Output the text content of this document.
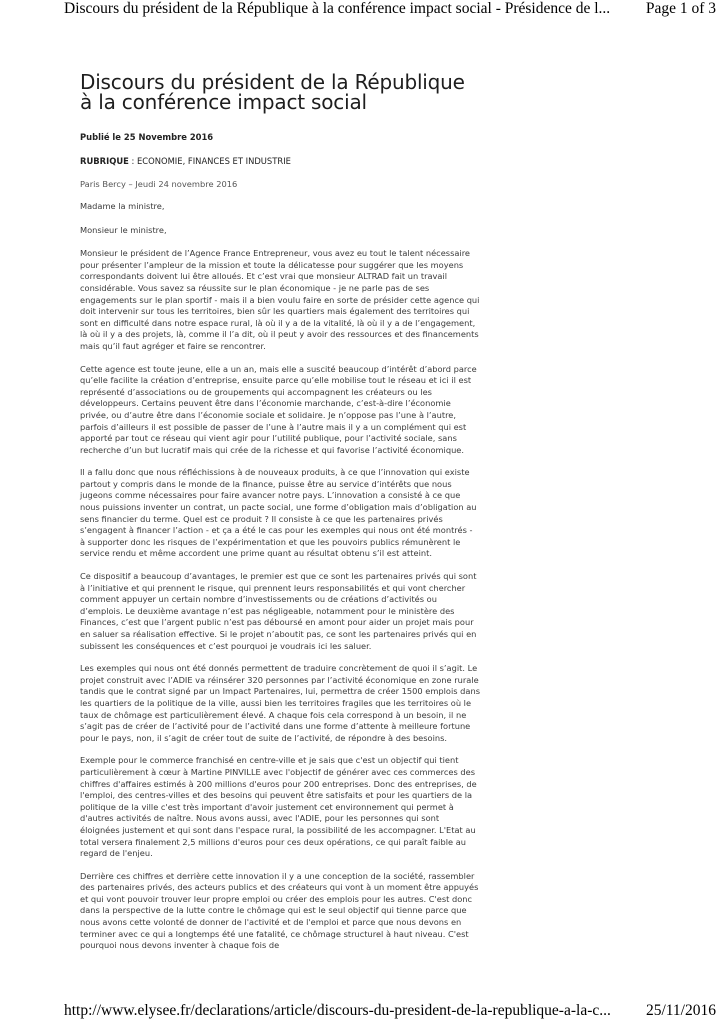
Discours du président de la République à la conférence impact social - Présidence de l... Page 1 of 3
Discours du président de la République à la conférence impact social
Publié le 25 Novembre 2016
RUBRIQUE : ECONOMIE, FINANCES ET INDUSTRIE
Paris Bercy – Jeudi 24 novembre 2016

Madame la ministre,

Monsieur le ministre,

Monsieur le président de l’Agence France Entrepreneur, vous avez eu tout le talent nécessaire pour présenter l’ampleur de la mission et toute la délicatesse pour suggérer que les moyens correspondants doivent lui être alloués. Et c’est vrai que monsieur ALTRAD fait un travail considérable. Vous savez sa réussite sur le plan économique - je ne parle pas de ses engagements sur le plan sportif - mais il a bien voulu faire en sorte de présider cette agence qui doit intervenir sur tous les territoires, bien sûr les quartiers mais également des territoires qui sont en difficulté dans notre espace rural, là où il y a de la vitalité, là où il y a de l’engagement, là où il y a des projets, là, comme il l’a dit, où il peut y avoir des ressources et des financements mais qu’il faut agréger et faire se rencontrer.

Cette agence est toute jeune, elle a un an, mais elle a suscité beaucoup d’intérêt d’abord parce qu’elle facilite la création d’entreprise, ensuite parce qu’elle mobilise tout le réseau et ici il est représenté d’associations ou de groupements qui accompagnent les créateurs ou les développeurs. Certains peuvent être dans l’économie marchande, c’est-à-dire l’économie privée, ou d’autre être dans l’économie sociale et solidaire. Je n’oppose pas l’une à l’autre, parfois d’ailleurs il est possible de passer de l’une à l’autre mais il y a un complément qui est apporté par tout ce réseau qui vient agir pour l’utilité publique, pour l’activité sociale, sans recherche d’un but lucratif mais qui crée de la richesse et qui favorise l’activité économique.

Il a fallu donc que nous réfléchissions à de nouveaux produits, à ce que l’innovation qui existe partout y compris dans le monde de la finance, puisse être au service d’intérêts que nous jugeons comme nécessaires pour faire avancer notre pays. L’innovation a consisté à ce que nous puissions inventer un contrat, un pacte social, une forme d’obligation mais d’obligation au sens financier du terme. Quel est ce produit ? Il consiste à ce que les partenaires privés s’engagent à financer l’action - et ça a été le cas pour les exemples qui nous ont été montrés - à supporter donc les risques de l’expérimentation et que les pouvoirs publics rémunèrent le service rendu et même accordent une prime quant au résultat obtenu s’il est atteint.

Ce dispositif a beaucoup d’avantages, le premier est que ce sont les partenaires privés qui sont à l’initiative et qui prennent le risque, qui prennent leurs responsabilités et qui vont chercher comment appuyer un certain nombre d’investissements ou de créations d’activités ou d’emplois. Le deuxième avantage n’est pas négligeable, notamment pour le ministère des Finances, c’est que l’argent public n’est pas déboursé en amont pour aider un projet mais pour en saluer sa réalisation effective. Si le projet n’aboutit pas, ce sont les partenaires privés qui en subissent les conséquences et c’est pourquoi je voudrais ici les saluer.

Les exemples qui nous ont été donnés permettent de traduire concrètement de quoi il s’agit. Le projet construit avec l’ADIE va réinsérer 320 personnes par l’activité économique en zone rurale tandis que le contrat signé par un Impact Partenaires, lui, permettra de créer 1500 emplois dans les quartiers de la politique de la ville, aussi bien les territoires fragiles que les territoires où le taux de chômage est particulièrement élevé. A chaque fois cela correspond à un besoin, il ne s’agit pas de créer de l’activité pour de l’activité dans une forme d’attente à meilleure fortune pour le pays, non, il s’agit de créer tout de suite de l’activité, de répondre à des besoins.

Exemple pour le commerce franchisé en centre-ville et je sais que c'est un objectif qui tient particulièrement à cœur à Martine PINVILLE avec l'objectif de générer avec ces commerces des chiffres d'affaires estimés à 200 millions d'euros pour 200 entreprises. Donc des entreprises, de l'emploi, des centres-villes et des besoins qui peuvent être satisfaits et pour les quartiers de la politique de la ville c'est très important d'avoir justement cet environnement qui permet à d'autres activités de naître. Nous avons aussi, avec l'ADIE, pour les personnes qui sont éloignées justement et qui sont dans l'espace rural, la possibilité de les accompagner. L'Etat au total versera finalement 2,5 millions d'euros pour ces deux opérations, ce qui paraît faible au regard de l'enjeu.

Derrière ces chiffres et derrière cette innovation il y a une conception de la société, rassembler des partenaires privés, des acteurs publics et des créateurs qui vont à un moment être appuyés et qui vont pouvoir trouver leur propre emploi ou créer des emplois pour les autres. C'est donc dans la perspective de la lutte contre le chômage qui est le seul objectif qui tienne parce que nous avons cette volonté de donner de l'activité et de l'emploi et parce que nous devons en terminer avec ce qui a longtemps été une fatalité, ce chômage structurel à haut niveau. C'est pourquoi nous devons inventer à chaque fois de

http://www.elysee.fr/declarations/article/discours-du-president-de-la-republique-a-la-c... 25/11/2016
